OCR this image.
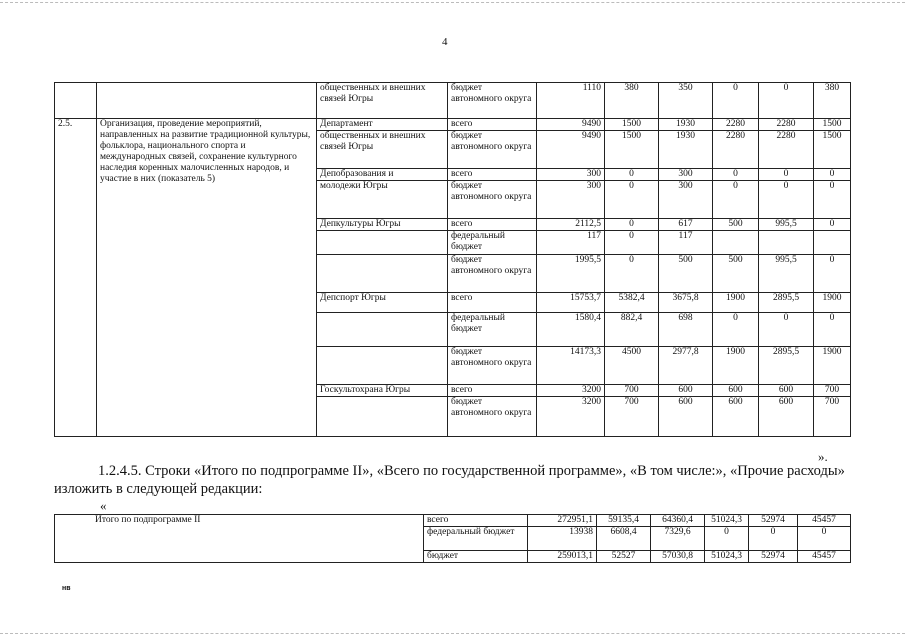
4
		общественных и внешних связей Югры	бюджет автономного округа	1110	380	350	0	0	380
2.5.	Организация, проведение мероприятий, направленных на развитие традиционной культуры, фольклора, национального спорта и международных связей, сохранение культурного наследия коренных малочисленных народов, и участие в них (показатель 5)	Департамент	всего	9490	1500	1930	2280	2280	1500
		общественных и внешних связей Югры	бюджет автономного округа	9490	1500	1930	2280	2280	1500
		Депобразования и	всего	300	0	300	0	0	0
		молодежи Югры	бюджет автономного округа	300	0	300	0	0	0
		Депкультуры Югры	всего	2112,5	0	617	500	995,5	0
			федеральный бюджет	117	0	117			
			бюджет автономного округа	1995,5	0	500	500	995,5	0
		Депспорт Югры	всего	15753,7	5382,4	3675,8	1900	2895,5	1900
			федеральный бюджет	1580,4	882,4	698	0	0	0
			бюджет автономного округа	14173,3	4500	2977,8	1900	2895,5	1900
		Госкультохрана Югры	всего	3200	700	600	600	600	700
			бюджет автономного округа	3200	700	600	600	600	700
».
1.2.4.5. Строки «Итого по подпрограмме II», «Всего по государственной программе», «В том числе:», «Прочие расходы» изложить в следующей редакции:
«
Итого по подпрограмме II	всего	272951,1	59135,4	64360,4	51024,3	52974	45457
	федеральный бюджет	13938	6608,4	7329,6	0	0	0
	бюджет	259013,1	52527	57030,8	51024,3	52974	45457
нв
